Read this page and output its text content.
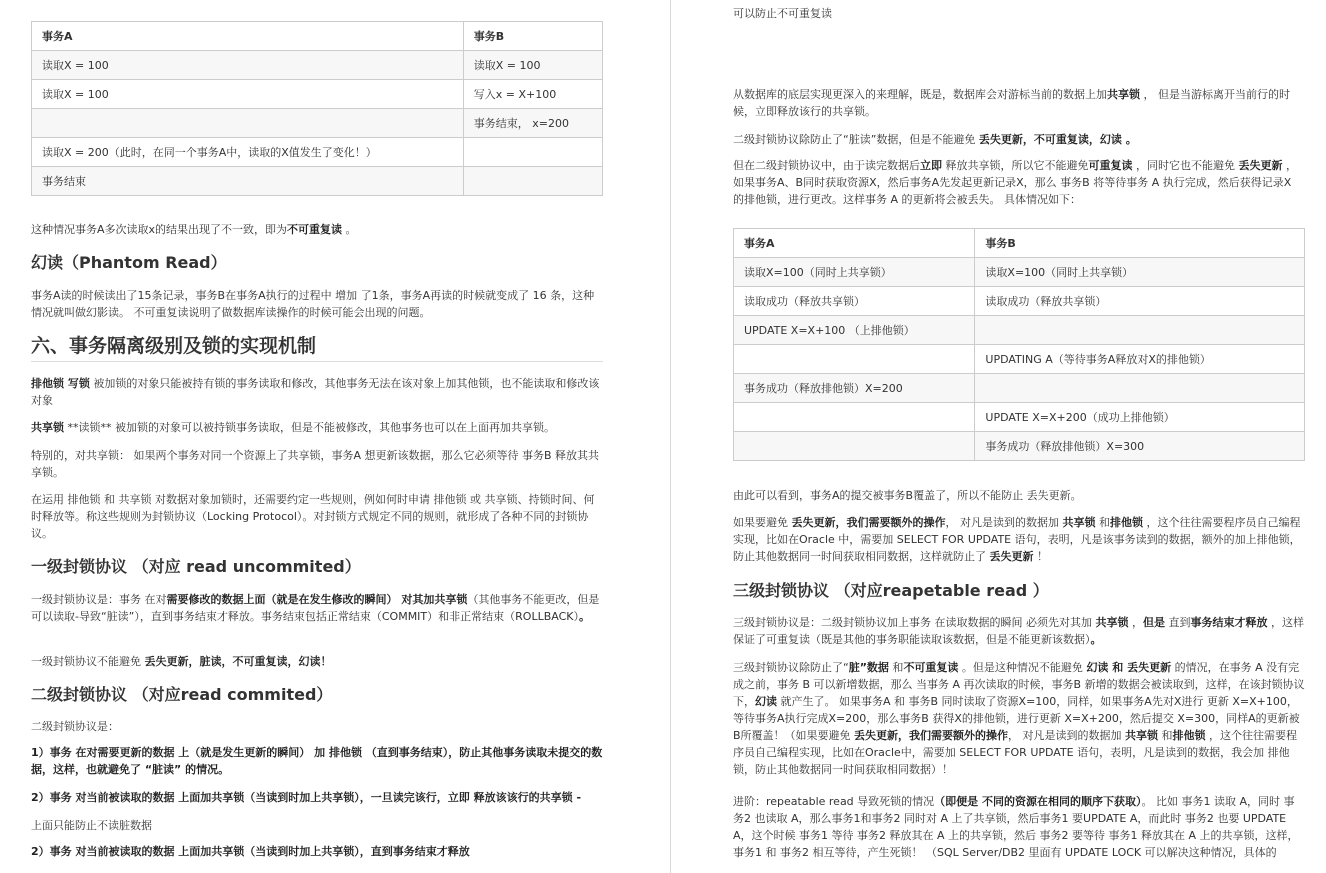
事务A	事务B
读取X = 100	读取X = 100
读取X = 100	写入x = X+100
	事务结束， x=200
读取X = 200（此时，在同一个事务A中，读取的X值发生了变化！）	
事务结束	

这种情况事务A多次读取x的结果出现了不一致，即为不可重复读 。

幻读（Phantom Read）

事务A读的时候读出了15条记录，事务B在事务A执行的过程中 增加 了1条，事务A再读的时候就变成了 16 条，这种情况就叫做幻影读。 不可重复读说明了做数据库读操作的时候可能会出现的问题。

六、事务隔离级别及锁的实现机制

排他锁 写锁 被加锁的对象只能被持有锁的事务读取和修改，其他事务无法在该对象上加其他锁，也不能读取和修改该对象

共享锁 **读锁** 被加锁的对象可以被持锁事务读取，但是不能被修改，其他事务也可以在上面再加共享锁。

特别的，对共享锁： 如果两个事务对同一个资源上了共享锁，事务A 想更新该数据，那么它必须等待 事务B 释放其共享锁。

在运用 排他锁 和 共享锁 对数据对象加锁时，还需要约定一些规则，例如何时申请 排他锁 或 共享锁、持锁时间、何时释放等。称这些规则为封锁协议（Locking Protocol）。对封锁方式规定不同的规则，就形成了各种不同的封锁协议。

一级封锁协议 （对应 read uncommited）

一级封锁协议是：事务 在对需要修改的数据上面（就是在发生修改的瞬间） 对其加共享锁（其他事务不能更改，但是可以读取-导致“脏读”），直到事务结束才释放。事务结束包括正常结束（COMMIT）和非正常结束（ROLLBACK）。

一级封锁协议不能避免 丢失更新，脏读，不可重复读，幻读！

二级封锁协议 （对应read commited）

二级封锁协议是：

1）事务 在对需要更新的数据 上（就是发生更新的瞬间） 加 排他锁 （直到事务结束），防止其他事务读取未提交的数据，这样，也就避免了 “脏读” 的情况。

2）事务 对当前被读取的数据 上面加共享锁（当读到时加上共享锁），一旦读完该行，立即 释放该该行的共享锁 -

上面只能防止不读脏数据

2）事务 对当前被读取的数据 上面加共享锁（当读到时加上共享锁），直到事务结束才释放

可以防止不可重复读

从数据库的底层实现更深入的来理解，既是，数据库会对游标当前的数据上加共享锁 ， 但是当游标离开当前行的时候，立即释放该行的共享锁。

二级封锁协议除防止了“脏读”数据，但是不能避免 丢失更新，不可重复读，幻读 。

但在二级封锁协议中，由于读完数据后立即 释放共享锁，所以它不能避免可重复读 ，同时它也不能避免 丢失更新 ，如果事务A、B同时获取资源X，然后事务A先发起更新记录X，那么 事务B 将等待事务 A 执行完成，然后获得记录X 的排他锁，进行更改。这样事务 A 的更新将会被丢失。 具体情况如下：

事务A	事务B
读取X=100（同时上共享锁）	读取X=100（同时上共享锁）
读取成功（释放共享锁）	读取成功（释放共享锁）
UPDATE X=X+100 （上排他锁）	
	UPDATING A（等待事务A释放对X的排他锁）
事务成功（释放排他锁）X=200	
	UPDATE X=X+200（成功上排他锁）
	事务成功（释放排他锁）X=300

由此可以看到，事务A的提交被事务B覆盖了，所以不能防止 丢失更新。

如果要避免 丢失更新，我们需要额外的操作， 对凡是读到的数据加 共享锁 和排他锁 ，这个往往需要程序员自己编程实现，比如在Oracle 中，需要加 SELECT FOR UPDATE 语句，表明，凡是该事务读到的数据，额外的加上排他锁，防止其他数据同一时间获取相同数据，这样就防止了 丢失更新 ！

三级封锁协议 （对应reapetable read ）

三级封锁协议是：二级封锁协议加上事务 在读取数据的瞬间 必须先对其加 共享锁 ，但是 直到事务结束才释放 ，这样保证了可重复读（既是其他的事务职能读取该数据，但是不能更新该数据）。

三级封锁协议除防止了“脏”数据 和不可重复读 。但是这种情况不能避免 幻读 和 丢失更新 的情况，在事务 A 没有完成之前，事务 B 可以新增数据，那么 当事务 A 再次读取的时候，事务B 新增的数据会被读取到，这样，在该封锁协议下，幻读 就产生了。 如果事务A 和 事务B 同时读取了资源X=100，同样，如果事务A先对X进行 更新 X=X+100，等待事务A执行完成X=200，那么事务B 获得X的排他锁，进行更新 X=X+200，然后提交 X=300，同样A的更新被B所覆盖！（如果要避免 丢失更新，我们需要额外的操作， 对凡是读到的数据加 共享锁 和排他锁 ，这个往往需要程序员自己编程实现，比如在Oracle中，需要加 SELECT FOR UPDATE 语句，表明，凡是读到的数据，我会加 排他锁，防止其他数据同一时间获取相同数据）！

进阶：repeatable read 导致死锁的情况（即便是 不同的资源在相同的顺序下获取）。 比如 事务1 读取 A，同时 事务2 也读取 A，那么事务1和事务2 同时对 A 上了共享锁，然后事务1 要UPDATE A，而此时 事务2 也要 UPDATE A，这个时候 事务1 等待 事务2 释放其在 A 上的共享锁，然后 事务2 要等待 事务1 释放其在 A 上的共享锁，这样，事务1 和 事务2 相互等待，产生死锁！ （SQL Server/DB2 里面有 UPDATE LOCK 可以解决这种情况，具体的
